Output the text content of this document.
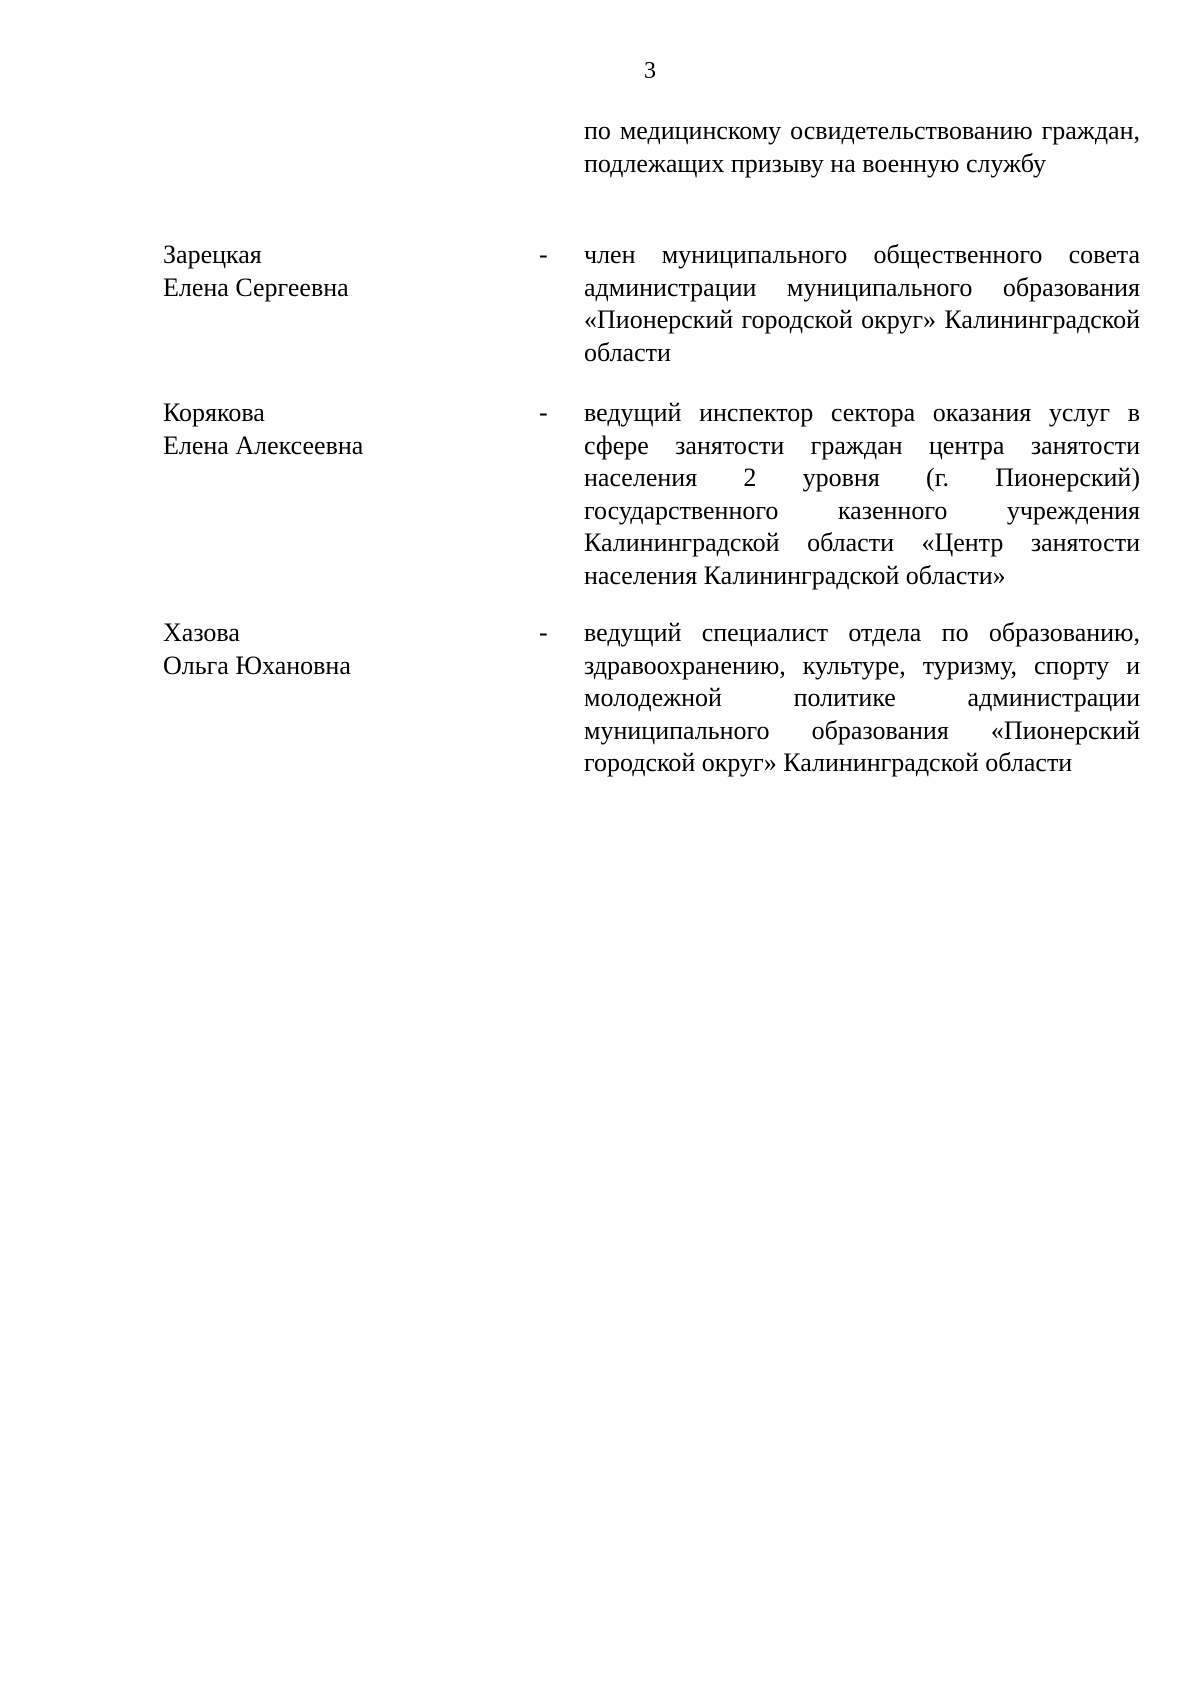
3
по медицинскому освидетельствованию граждан, подлежащих призыву на военную службу
Зарецкая
Елена Сергеевна
- член муниципального общественного совета администрации муниципального образования «Пионерский городской округ» Калининградской области
Корякова
Елена Алексеевна
- ведущий инспектор сектора оказания услуг в сфере занятости граждан центра занятости населения 2 уровня (г. Пионерский) государственного казенного учреждения Калининградской области «Центр занятости населения Калининградской области»
Хазова
Ольга Юхановна
- ведущий специалист отдела по образованию, здравоохранению, культуре, туризму, спорту и молодежной политике администрации муниципального образования «Пионерский городской округ» Калининградской области
